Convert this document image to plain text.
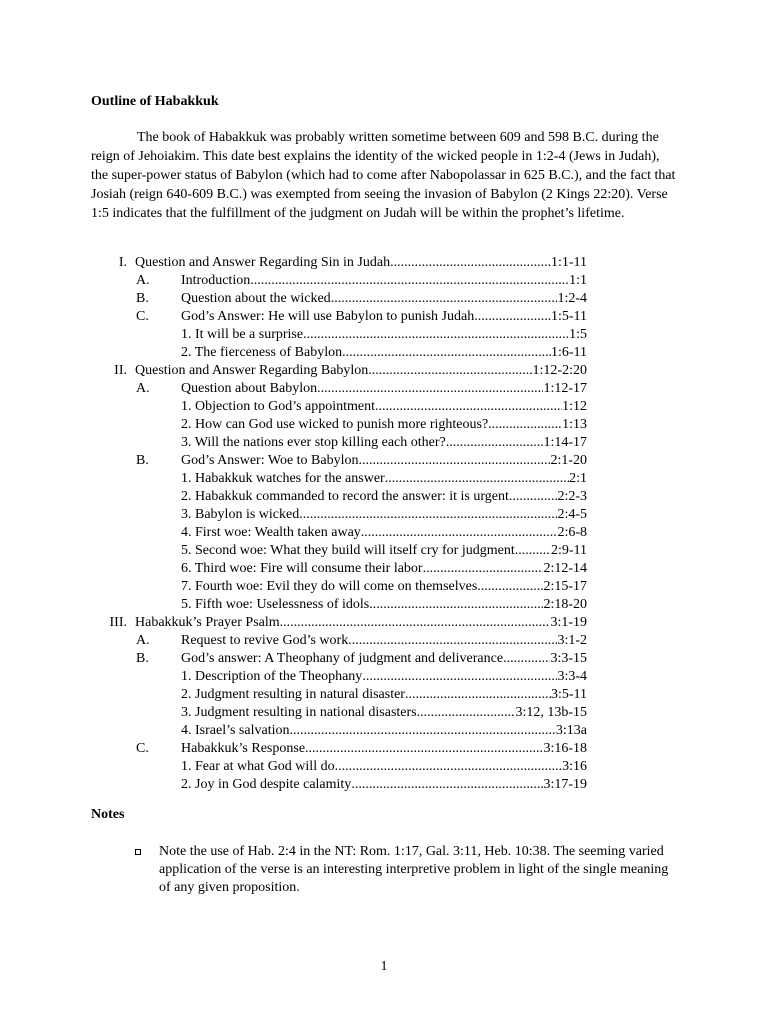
Outline of Habakkuk

The book of Habakkuk was probably written sometime between 609 and 598 B.C. during the reign of Jehoiakim. This date best explains the identity of the wicked people in 1:2-4 (Jews in Judah), the super-power status of Babylon (which had to come after Nabopolassar in 625 B.C.), and the fact that Josiah (reign 640-609 B.C.) was exempted from seeing the invasion of Babylon (2 Kings 22:20). Verse 1:5 indicates that the fulfillment of the judgment on Judah will be within the prophet’s lifetime.

I. Question and Answer Regarding Sin in Judah .....	1:1-11
A.	Introduction .....	1:1
B.	Question about the wicked .....	1:2-4
C.	God’s Answer: He will use Babylon to punish Judah .....	1:5-11
1. It will be a surprise .....	1:5
2. The fierceness of Babylon .....	1:6-11
II. Question and Answer Regarding Babylon .....	1:12-2:20
A.	Question about Babylon .....	1:12-17
1. Objection to God’s appointment .....	1:12
2. How can God use wicked to punish more righteous? .....	1:13
3. Will the nations ever stop killing each other? .....	1:14-17
B.	God’s Answer: Woe to Babylon .....	2:1-20
1. Habakkuk watches for the answer .....	2:1
2. Habakkuk commanded to record the answer: it is urgent .....	2:2-3
3. Babylon is wicked .....	2:4-5
4. First woe: Wealth taken away .....	2:6-8
5. Second woe: What they build will itself cry for judgment .....	2:9-11
6. Third woe: Fire will consume their labor .....	2:12-14
7. Fourth woe: Evil they do will come on themselves .....	2:15-17
5. Fifth woe: Uselessness of idols .....	2:18-20
III. Habakkuk’s Prayer Psalm .....	3:1-19
A.	Request to revive God’s work .....	3:1-2
B.	God’s answer: A Theophany of judgment and deliverance .....	3:3-15
1. Description of the Theophany .....	3:3-4
2. Judgment resulting in natural disaster .....	3:5-11
3. Judgment resulting in national disasters .....	3:12, 13b-15
4. Israel’s salvation .....	3:13a
C.	Habakkuk’s Response .....	3:16-18
1. Fear at what God will do .....	3:16
2. Joy in God despite calamity .....	3:17-19
Notes

Note the use of Hab. 2:4 in the NT: Rom. 1:17, Gal. 3:11, Heb. 10:38. The seeming varied application of the verse is an interesting interpretive problem in light of the single meaning of any given proposition.

1
